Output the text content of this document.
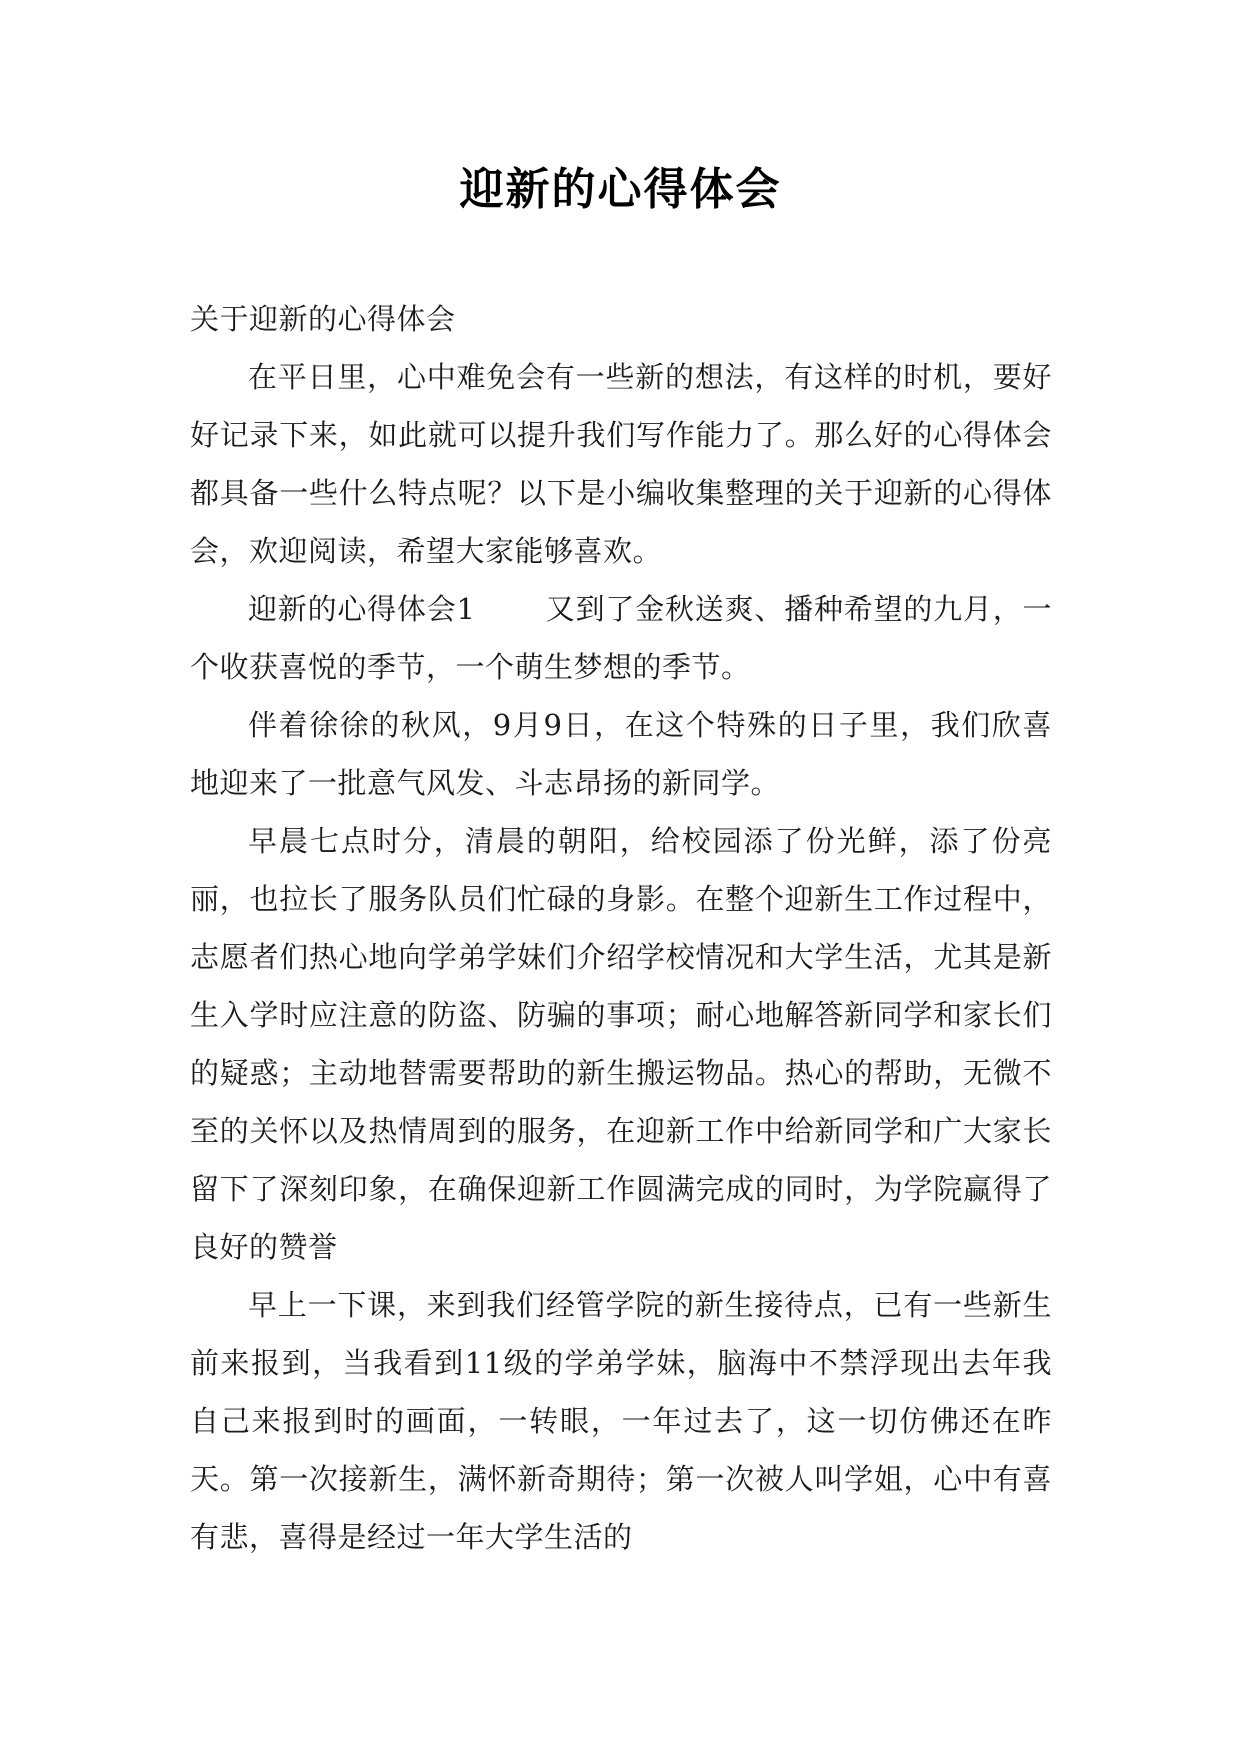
迎新的心得体会

关于迎新的心得体会

在平日里，心中难免会有一些新的想法，有这样的时机，要好好记录下来，如此就可以提升我们写作能力了。那么好的心得体会都具备一些什么特点呢？以下是小编收集整理的关于迎新的心得体会，欢迎阅读，希望大家能够喜欢。

迎新的心得体会1 又到了金秋送爽、播种希望的九月，一个收获喜悦的季节，一个萌生梦想的季节。

伴着徐徐的秋风，9月9日，在这个特殊的日子里，我们欣喜地迎来了一批意气风发、斗志昂扬的新同学。

早晨七点时分，清晨的朝阳，给校园添了份光鲜，添了份亮丽，也拉长了服务队员们忙碌的身影。在整个迎新生工作过程中，志愿者们热心地向学弟学妹们介绍学校情况和大学生活，尤其是新生入学时应注意的防盗、防骗的事项；耐心地解答新同学和家长们的疑惑；主动地替需要帮助的新生搬运物品。热心的帮助，无微不至的关怀以及热情周到的服务，在迎新工作中给新同学和广大家长留下了深刻印象，在确保迎新工作圆满完成的同时，为学院赢得了良好的赞誉

早上一下课，来到我们经管学院的新生接待点，已有一些新生前来报到，当我看到11级的学弟学妹，脑海中不禁浮现出去年我自己来报到时的画面，一转眼，一年过去了，这一切仿佛还在昨天。第一次接新生，满怀新奇期待；第一次被人叫学姐，心中有喜有悲，喜得是经过一年大学生活的
